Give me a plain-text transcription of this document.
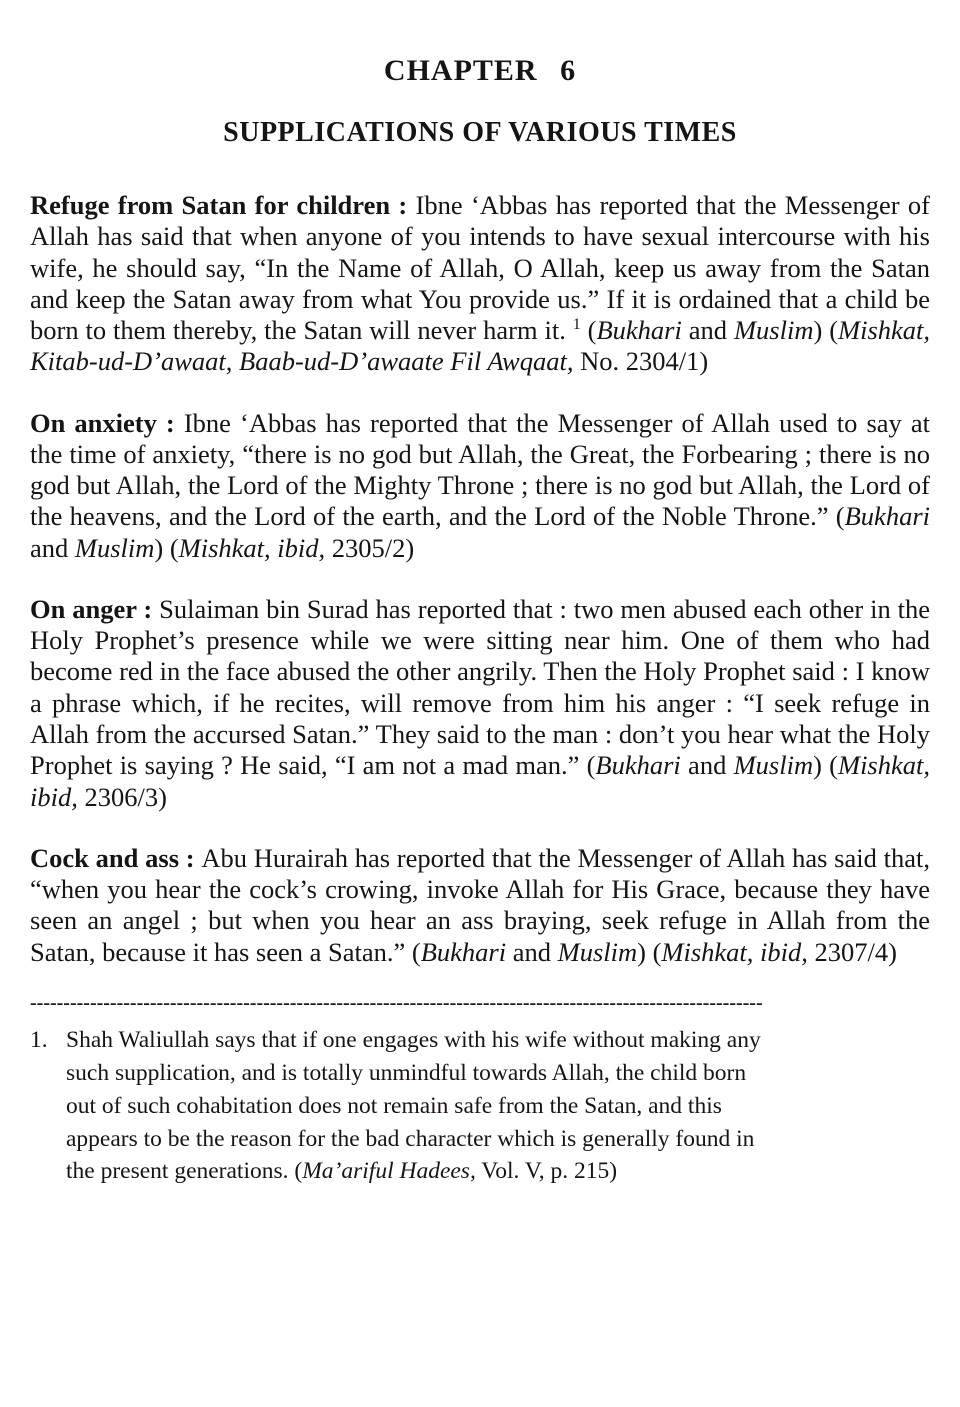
CHAPTER 6
SUPPLICATIONS OF VARIOUS TIMES

Refuge from Satan for children : Ibne ‘Abbas has reported that the Messenger of Allah has said that when anyone of you intends to have sexual intercourse with his wife, he should say, “In the Name of Allah, O Allah, keep us away from the Satan and keep the Satan away from what You provide us.” If it is ordained that a child be born to them thereby, the Satan will never harm it. $^1$ (Bukhari and Muslim) (Mishkat, Kitab-ud-D’awaat, Baab-ud-D’awaate Fil Awqaat, No. 2304/1)

On anxiety : Ibne ‘Abbas has reported that the Messenger of Allah used to say at the time of anxiety, “there is no god but Allah, the Great, the Forbearing ; there is no god but Allah, the Lord of the Mighty Throne ; there is no god but Allah, the Lord of the heavens, and the Lord of the earth, and the Lord of the Noble Throne.” (Bukhari and Muslim) (Mishkat, ibid, 2305/2)

On anger : Sulaiman bin Surad has reported that : two men abused each other in the Holy Prophet’s presence while we were sitting near him. One of them who had become red in the face abused the other angrily. Then the Holy Prophet said : I know a phrase which, if he recites, will remove from him his anger : “I seek refuge in Allah from the accursed Satan.” They said to the man : don’t you hear what the Holy Prophet is saying ? He said, “I am not a mad man.” (Bukhari and Muslim) (Mishkat, ibid, 2306/3)

Cock and ass : Abu Hurairah has reported that the Messenger of Allah has said that, “when you hear the cock’s crowing, invoke Allah for His Grace, because they have seen an angel ; but when you hear an ass braying, seek refuge in Allah from the Satan, because it has seen a Satan.” (Bukhari and Muslim) (Mishkat, ibid, 2307/4)

--------------------------------------------------------------------------------------------------------------
1. Shah Waliullah says that if one engages with his wife without making any such supplication, and is totally unmindful towards Allah, the child born out of such cohabitation does not remain safe from the Satan, and this appears to be the reason for the bad character which is generally found in the present generations. (Ma’ariful Hadees, Vol. V, p. 215)
